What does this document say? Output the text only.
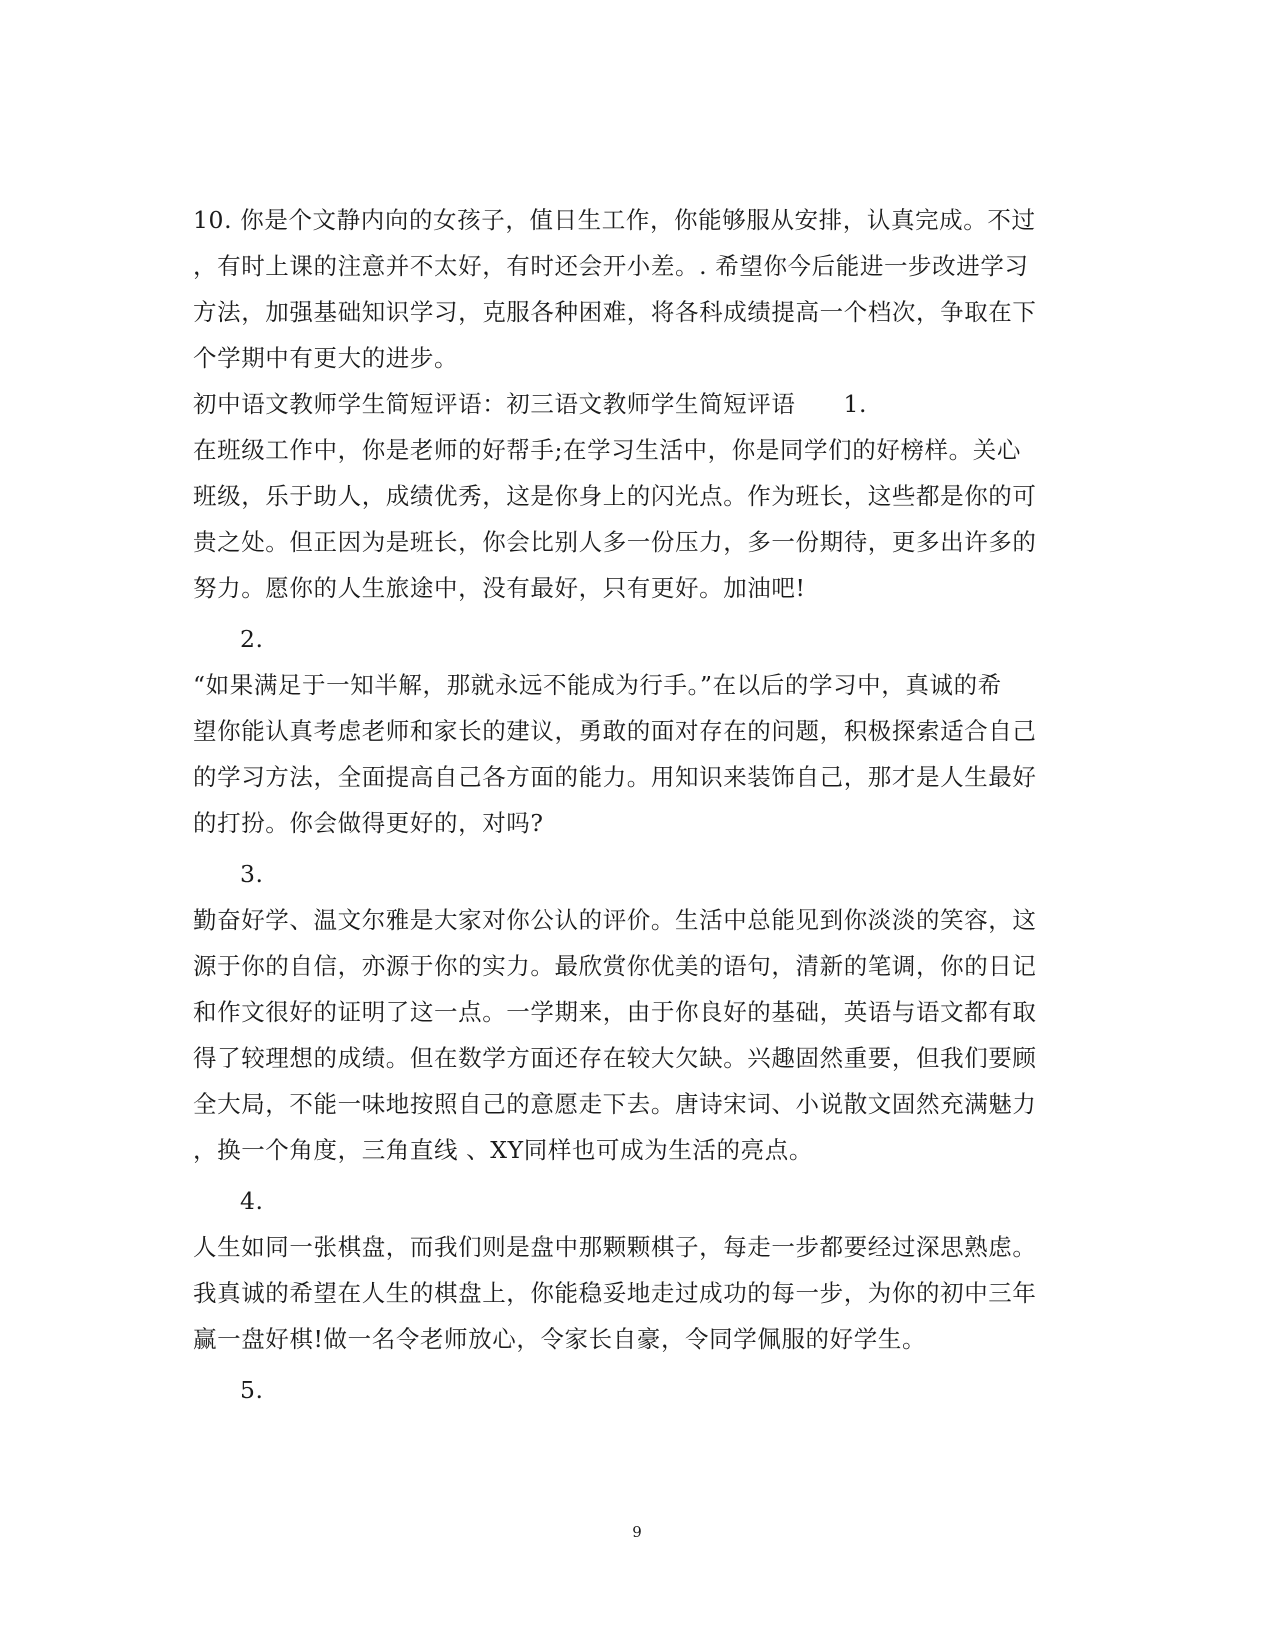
10. 你是个文静内向的女孩子，值日生工作，你能够服从安排，认真完成。不过
，有时上课的注意并不太好，有时还会开小差。. 希望你今后能进一步改进学习
方法，加强基础知识学习，克服各种困难，将各科成绩提高一个档次，争取在下
个学期中有更大的进步。
初中语文教师学生简短评语：初三语文教师学生简短评语 1.
在班级工作中，你是老师的好帮手;在学习生活中，你是同学们的好榜样。关心
班级，乐于助人，成绩优秀，这是你身上的闪光点。作为班长，这些都是你的可
贵之处。但正因为是班长，你会比别人多一份压力，多一份期待，更多出许多的
努力。愿你的人生旅途中，没有最好，只有更好。加油吧!
2.
“如果满足于一知半解，那就永远不能成为行手。”在以后的学习中，真诚的希
望你能认真考虑老师和家长的建议，勇敢的面对存在的问题，积极探索适合自己
的学习方法，全面提高自己各方面的能力。用知识来装饰自己，那才是人生最好
的打扮。你会做得更好的，对吗?
3.
勤奋好学、温文尔雅是大家对你公认的评价。生活中总能见到你淡淡的笑容，这
源于你的自信，亦源于你的实力。最欣赏你优美的语句，清新的笔调，你的日记
和作文很好的证明了这一点。一学期来，由于你良好的基础，英语与语文都有取
得了较理想的成绩。但在数学方面还存在较大欠缺。兴趣固然重要，但我们要顾
全大局，不能一味地按照自己的意愿走下去。唐诗宋词、小说散文固然充满魅力
，换一个角度，三角直线 、XY同样也可成为生活的亮点。
4.
人生如同一张棋盘，而我们则是盘中那颗颗棋子，每走一步都要经过深思熟虑。
我真诚的希望在人生的棋盘上，你能稳妥地走过成功的每一步，为你的初中三年
赢一盘好棋!做一名令老师放心，令家长自豪，令同学佩服的好学生。
5.
9
